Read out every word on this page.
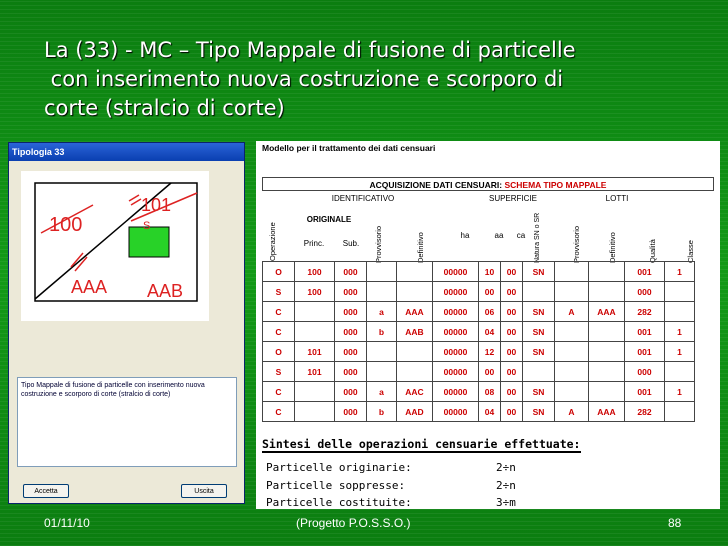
La (33) - MC – Tipo Mappale di fusione di particelle
con inserimento nuova costruzione e scorporo di
corte (stralcio di corte)
Tipologia 33
100
101
S
AAA AAB
Tipo Mappale di fusione di particelle con inserimento nuova costruzione e scorporo di corte (stralcio di corte)
Accetta	Uscita
Modello per il trattamento dei dati censuari
ACQUISIZIONE DATI CENSUARI: SCHEMA TIPO MAPPALE
IDENTIFICATIVO	SUPERFICIE	LOTTI
Operazione
ORIGINALE
Princ.	Sub.	Provvisorio	Definitivo	ha	aa	ca	Natura SN o SR	Provvisorio	Definitivo	Qualità	Classe
O	100	000			00000	10	00	SN			001	1
S	100	000			00000	00	00				000	
C		000	a	AAA	00000	06	00	SN	A	AAA	282	
C		000	b	AAB	00000	04	00	SN			001	1
O	101	000			00000	12	00	SN			001	1
S	101	000			00000	00	00				000	
C		000	a	AAC	00000	08	00	SN			001	1
C		000	b	AAD	00000	04	00	SN	A	AAA	282	
Sintesi delle operazioni censuarie effettuate:
Particelle originarie:	2÷n
Particelle soppresse:	2÷n
Particelle costituite:	3÷m
01/11/10	(Progetto P.O.S.S.O.)	88
